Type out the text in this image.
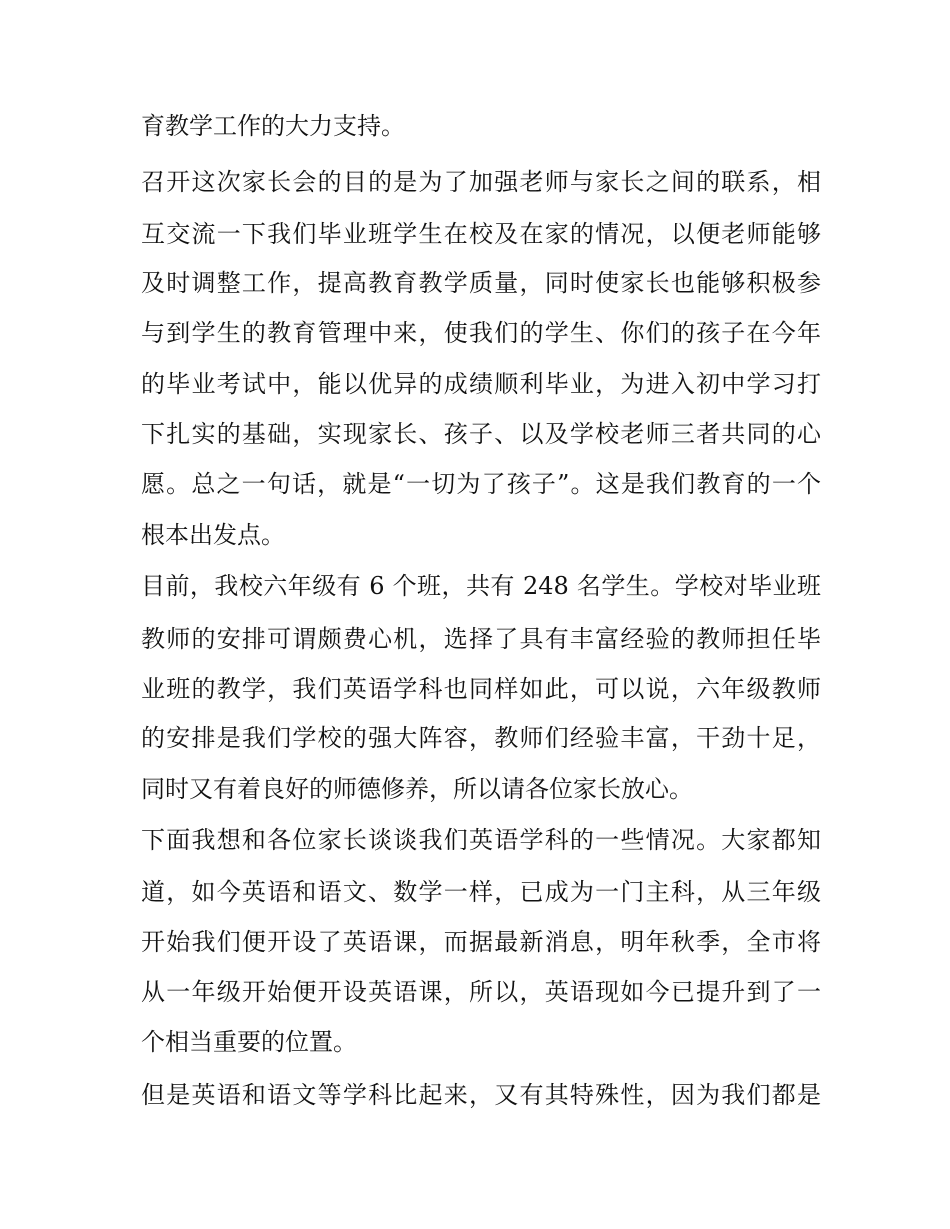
育教学工作的大力支持。
召开这次家长会的目的是为了加强老师与家长之间的联系，相
互交流一下我们毕业班学生在校及在家的情况，以便老师能够
及时调整工作，提高教育教学质量，同时使家长也能够积极参
与到学生的教育管理中来，使我们的学生、你们的孩子在今年
的毕业考试中，能以优异的成绩顺利毕业，为进入初中学习打
下扎实的基础，实现家长、孩子、以及学校老师三者共同的心
愿。总之一句话，就是“一切为了孩子”。这是我们教育的一个
根本出发点。
目前，我校六年级有 6 个班，共有 248 名学生。学校对毕业班
教师的安排可谓颇费心机，选择了具有丰富经验的教师担任毕
业班的教学，我们英语学科也同样如此，可以说，六年级教师
的安排是我们学校的强大阵容，教师们经验丰富，干劲十足，
同时又有着良好的师德修养，所以请各位家长放心。
下面我想和各位家长谈谈我们英语学科的一些情况。大家都知
道，如今英语和语文、数学一样，已成为一门主科，从三年级
开始我们便开设了英语课，而据最新消息，明年秋季，全市将
从一年级开始便开设英语课，所以，英语现如今已提升到了一
个相当重要的位置。
但是英语和语文等学科比起来，又有其特殊性，因为我们都是
